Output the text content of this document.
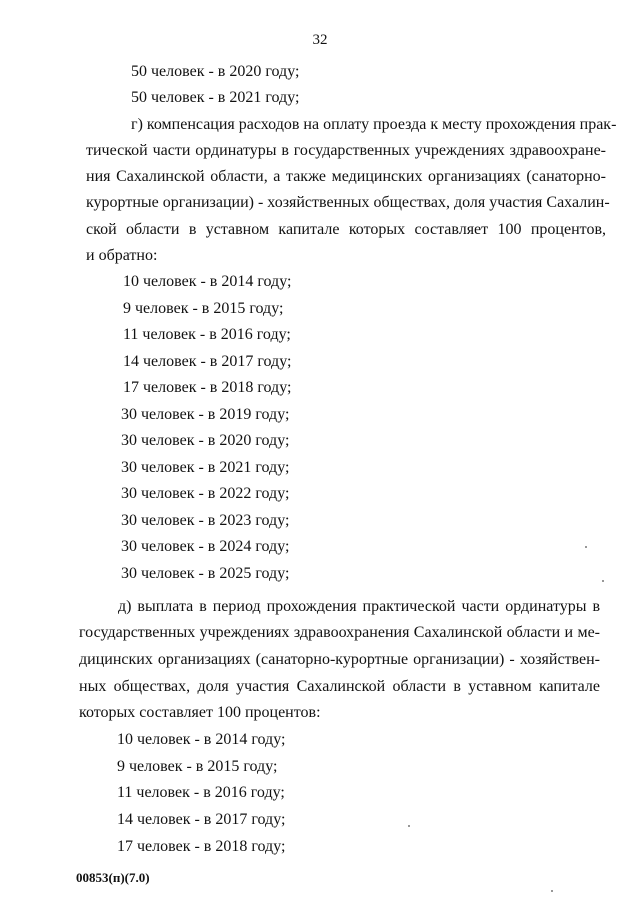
32
50 человек - в 2020 году;
50 человек - в 2021 году;
г) компенсация расходов на оплату проезда к месту прохождения прак-
тической части ординатуры в государственных учреждениях здравоохране-
ния Сахалинской области, а также медицинских организациях (санаторно-
курортные организации) - хозяйственных обществах, доля участия Сахалин-
ской области в уставном капитале которых составляет 100 процентов,
и обратно:
10 человек - в 2014 году;
9 человек - в 2015 году;
11 человек - в 2016 году;
14 человек - в 2017 году;
17 человек - в 2018 году;
30 человек - в 2019 году;
30 человек - в 2020 году;
30 человек - в 2021 году;
30 человек - в 2022 году;
30 человек - в 2023 году;
30 человек - в 2024 году;
30 человек - в 2025 году;
д) выплата в период прохождения практической части ординатуры в
государственных учреждениях здравоохранения Сахалинской области и ме-
дицинских организациях (санаторно-курортные организации) - хозяйствен-
ных обществах, доля участия Сахалинской области в уставном капитале
которых составляет 100 процентов:
10 человек - в 2014 году;
9 человек - в 2015 году;
11 человек - в 2016 году;
14 человек - в 2017 году;
17 человек - в 2018 году;
00853(п)(7.0)
